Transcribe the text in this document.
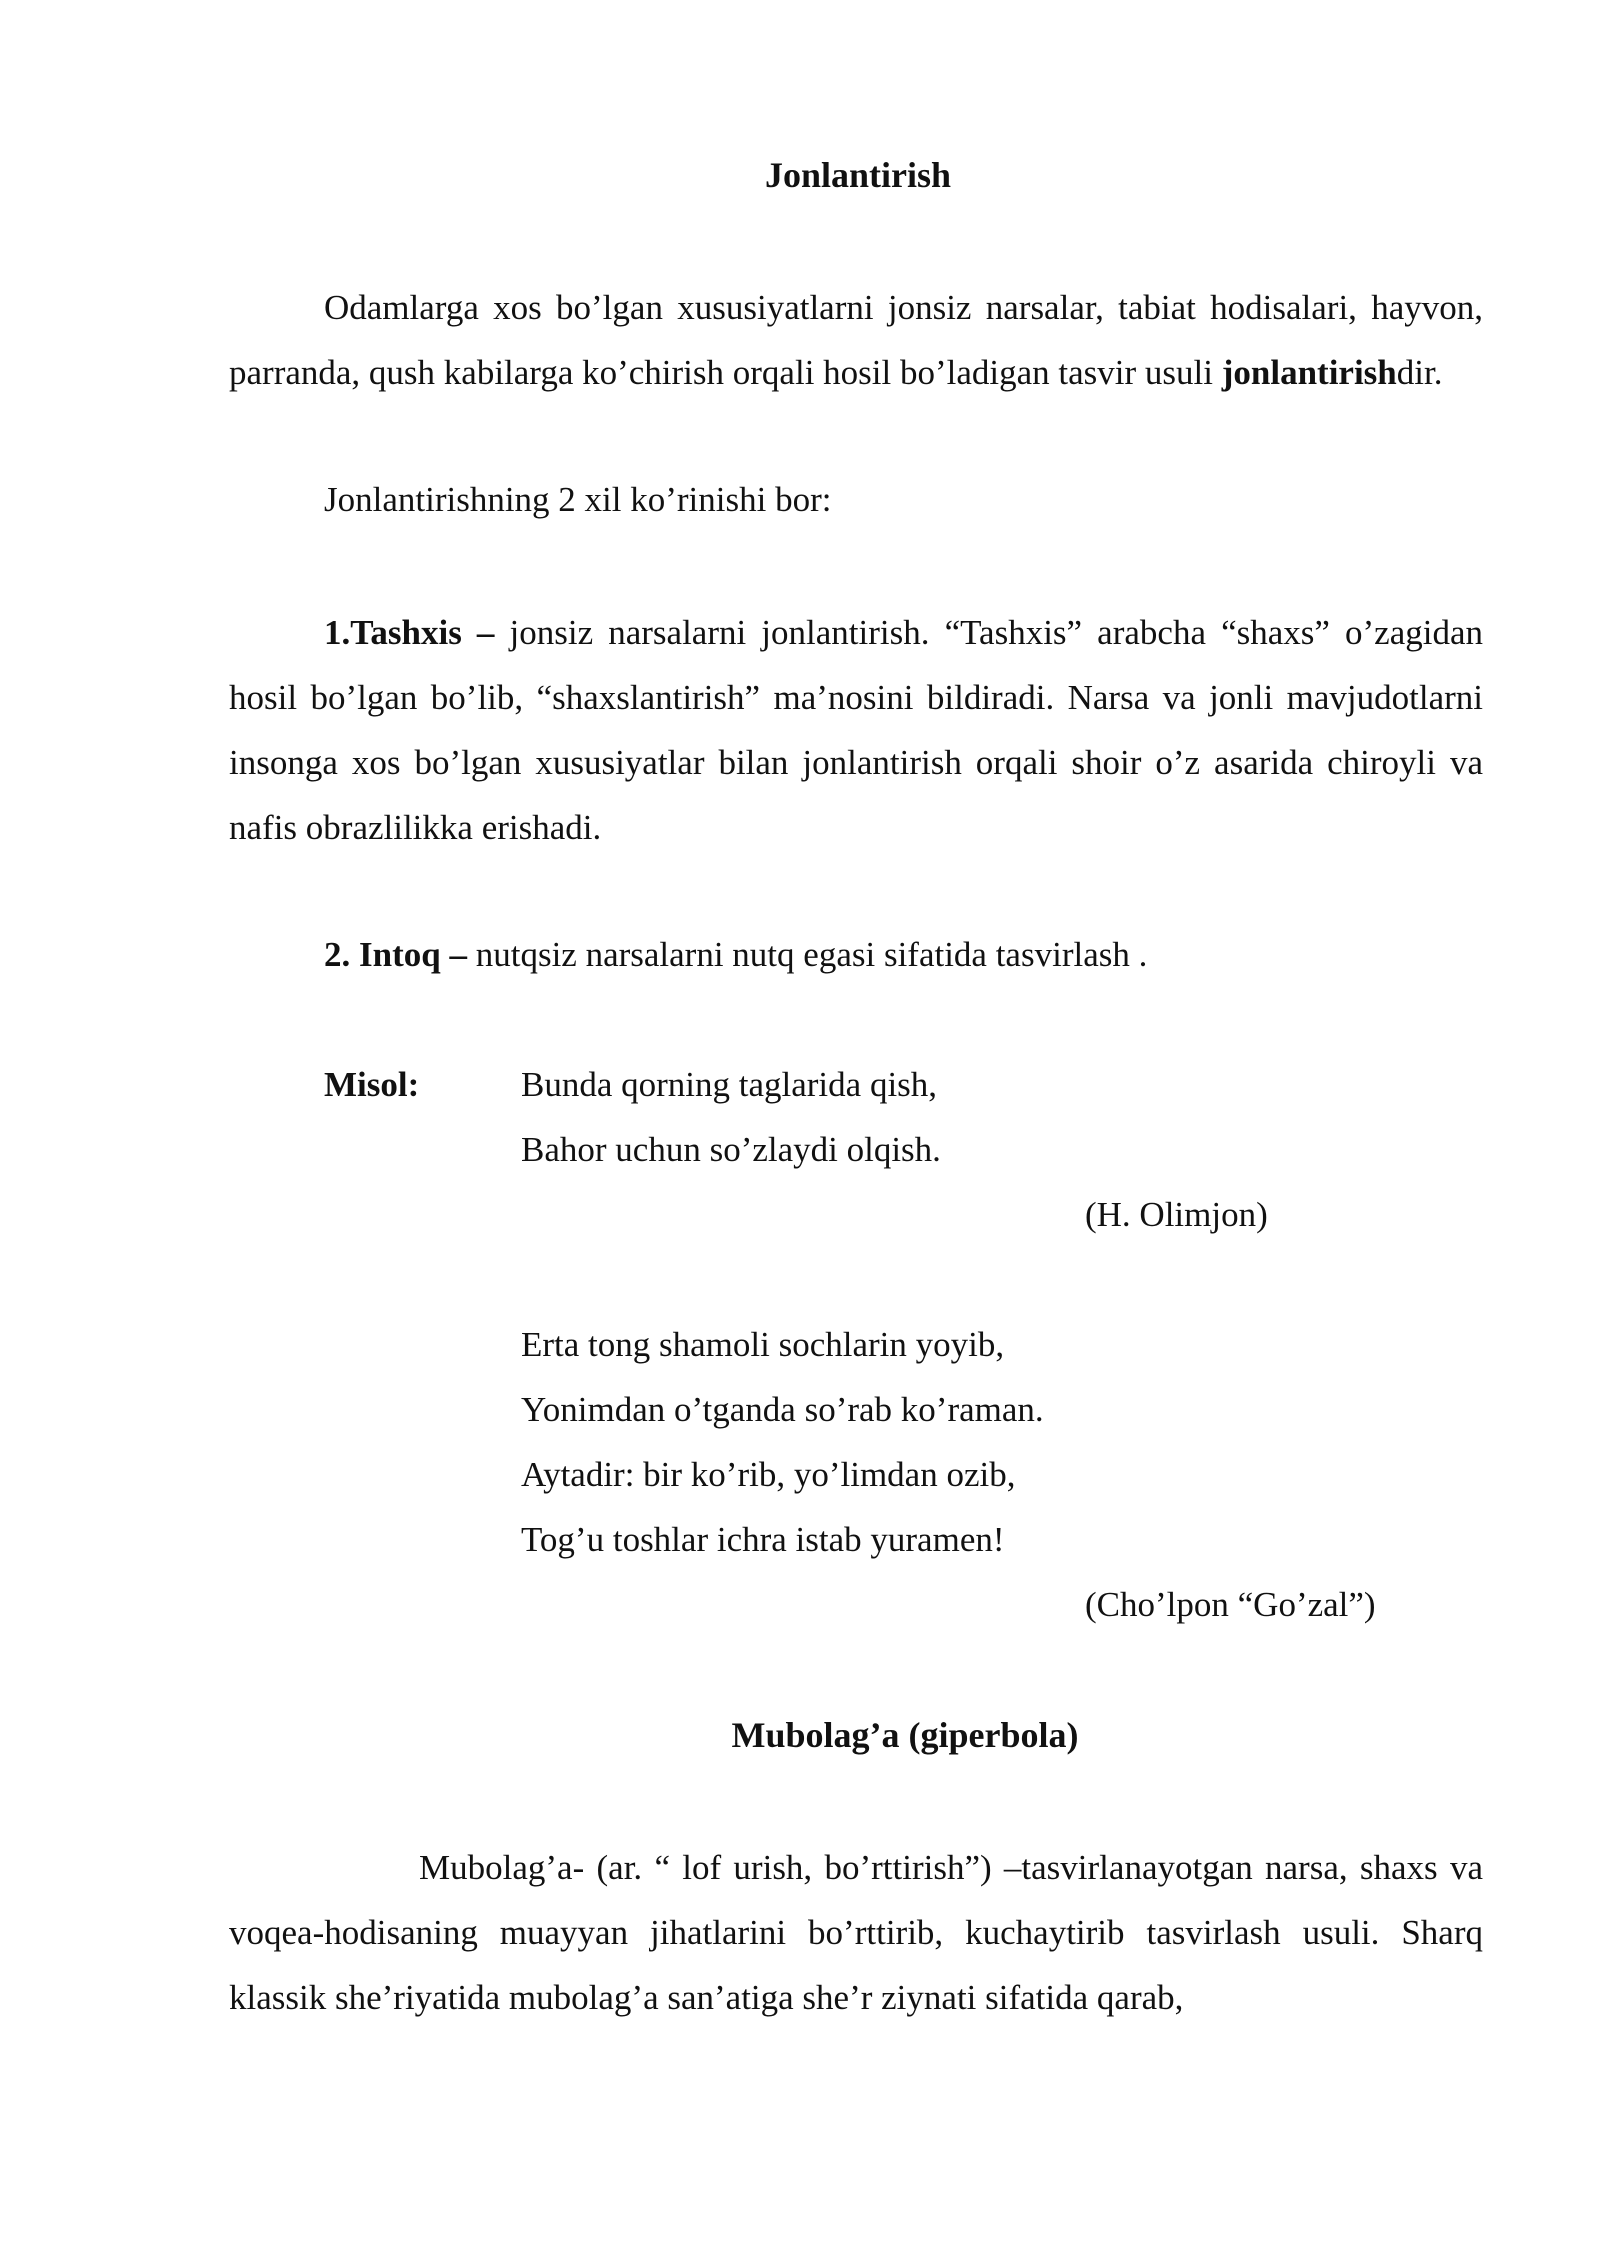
Jonlantirish
Odamlarga xos bo’lgan xususiyatlarni jonsiz narsalar, tabiat hodisalari, hayvon, parranda, qush kabilarga ko’chirish orqali hosil bo’ladigan tasvir usuli jonlantirishdir.
Jonlantirishning 2 xil ko’rinishi bor:
1.Tashxis – jonsiz narsalarni jonlantirish. “Tashxis” arabcha “shaxs” o’zagidan hosil bo’lgan bo’lib, “shaxslantirish” ma’nosini bildiradi. Narsa va jonli mavjudotlarni insonga xos bo’lgan xususiyatlar bilan jonlantirish orqali shoir o’z asarida chiroyli va nafis obrazlilikka erishadi.
2. Intoq – nutqsiz narsalarni nutq egasi sifatida tasvirlash .
Misol:	Bunda qorning taglarida qish,
Bahor uchun so’zlaydi olqish.
(H. Olimjon)
Erta tong shamoli sochlarin yoyib,
Yonimdan o’tganda so’rab ko’raman.
Aytadir: bir ko’rib, yo’limdan ozib,
Tog’u toshlar ichra istab yuramen!
(Cho’lpon “Go’zal”)
Mubolag’a (giperbola)
Mubolag’a- (ar. “ lof urish, bo’rttirish”) –tasvirlanayotgan narsa, shaxs va voqea-hodisaning muayyan jihatlarini bo’rttirib, kuchaytirib tasvirlash usuli. Sharq klassik she’riyatida mubolag’a san’atiga she’r ziynati sifatida qarab,
